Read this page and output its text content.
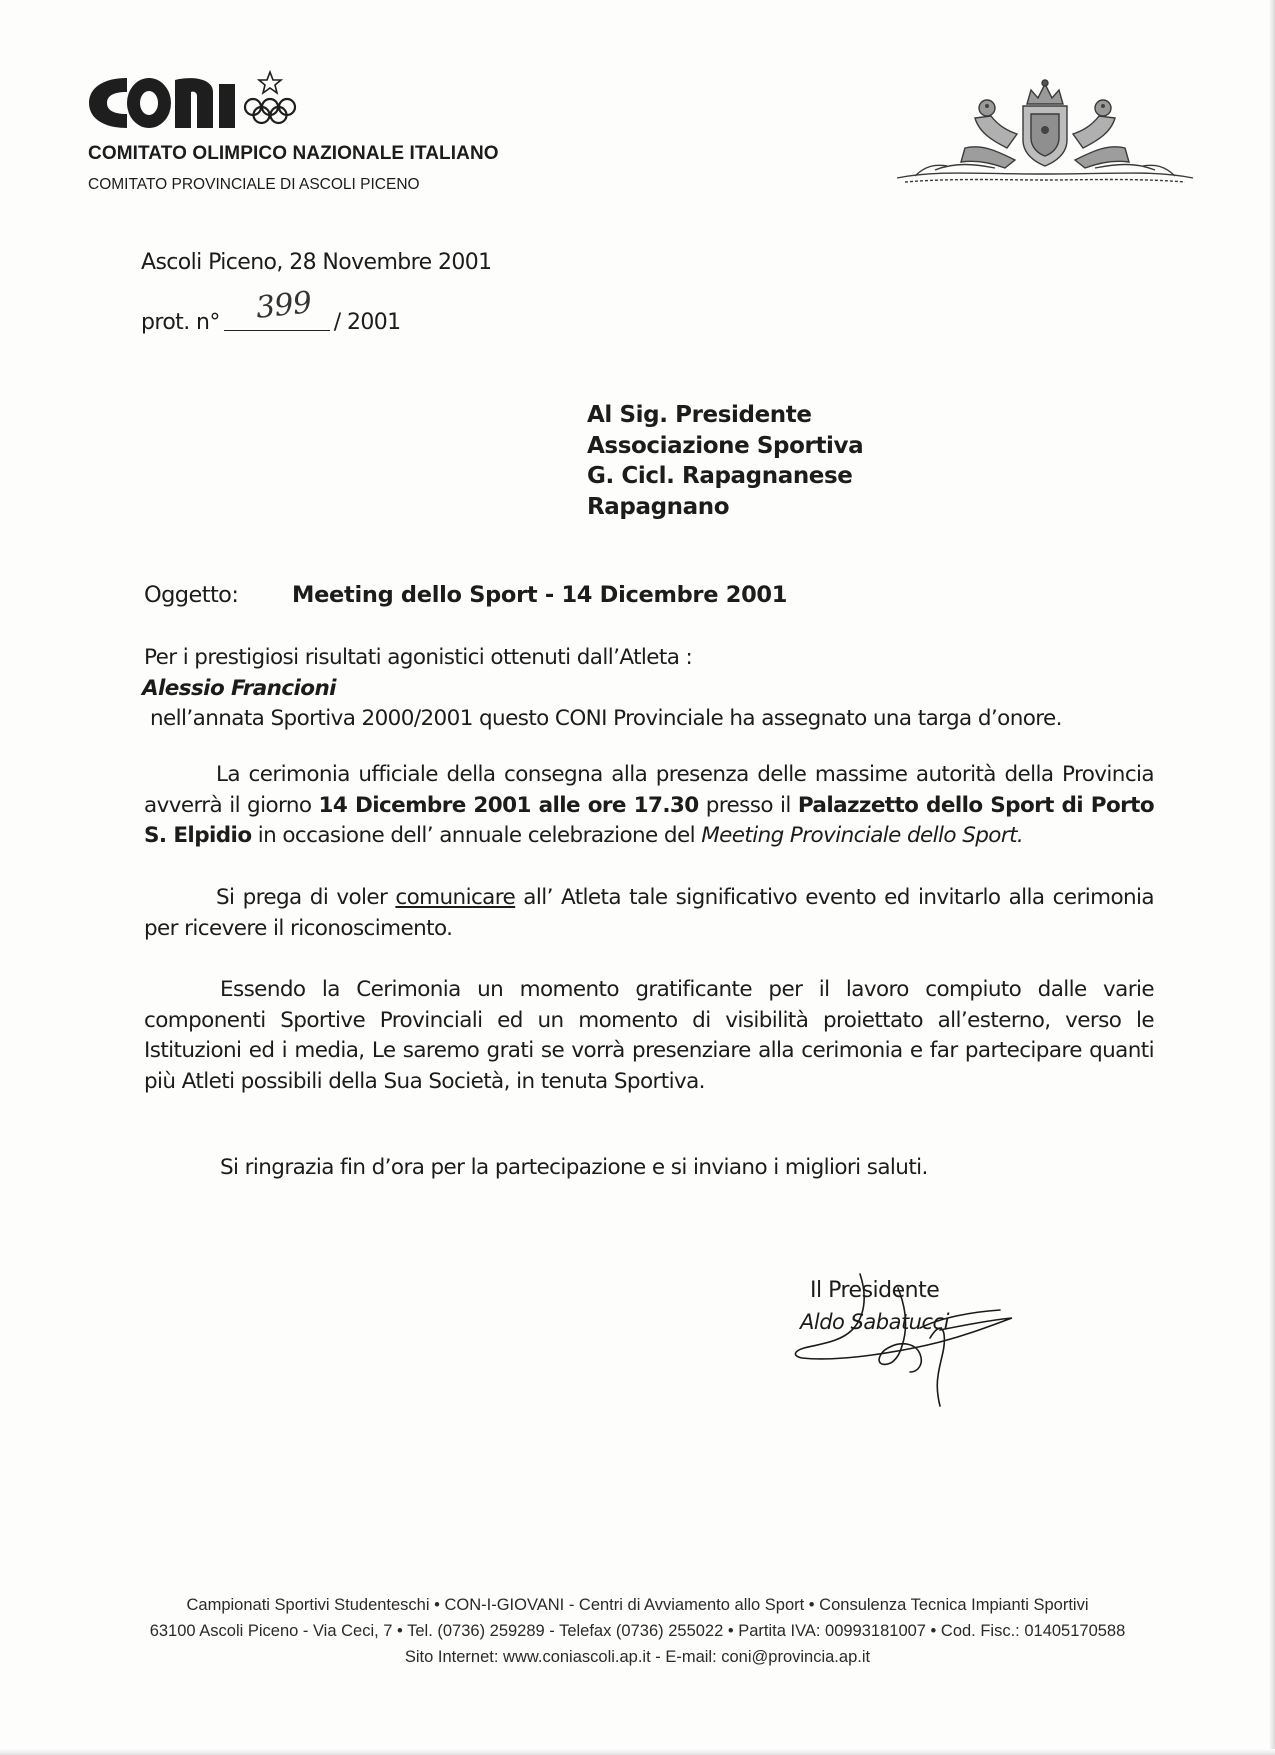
COMITATO OLIMPICO NAZIONALE ITALIANO
COMITATO PROVINCIALE DI ASCOLI PICENO
Ascoli Piceno, 28 Novembre 2001
prot. n° 399 / 2001
Al Sig. Presidente
Associazione Sportiva
G. Cicl. Rapagnanese
Rapagnano
Oggetto:	Meeting dello Sport - 14 Dicembre 2001
Per i prestigiosi risultati agonistici ottenuti dall’Atleta :
Alessio Francioni
nell’annata Sportiva 2000/2001 questo CONI Provinciale ha assegnato una targa d’onore.
La cerimonia ufficiale della consegna alla presenza delle massime autorità della Provincia avverrà il giorno 14 Dicembre 2001 alle ore 17.30 presso il Palazzetto dello Sport di Porto S. Elpidio in occasione dell’ annuale celebrazione del Meeting Provinciale dello Sport.
Si prega di voler comunicare all’ Atleta tale significativo evento ed invitarlo alla cerimonia per ricevere il riconoscimento.
Essendo la Cerimonia un momento gratificante per il lavoro compiuto dalle varie componenti Sportive Provinciali ed un momento di visibilità proiettato all’esterno, verso le Istituzioni ed i media, Le saremo grati se vorrà presenziare alla cerimonia e far partecipare quanti più Atleti possibili della Sua Società, in tenuta Sportiva.
Si ringrazia fin d’ora per la partecipazione e si inviano i migliori saluti.
Il Presidente
Aldo Sabatucci
Campionati Sportivi Studenteschi • CON-I-GIOVANI - Centri di Avviamento allo Sport • Consulenza Tecnica Impianti Sportivi
63100 Ascoli Piceno - Via Ceci, 7 • Tel. (0736) 259289 - Telefax (0736) 255022 • Partita IVA: 00993181007 • Cod. Fisc.: 01405170588
Sito Internet: www.coniascoli.ap.it - E-mail: coni@provincia.ap.it
